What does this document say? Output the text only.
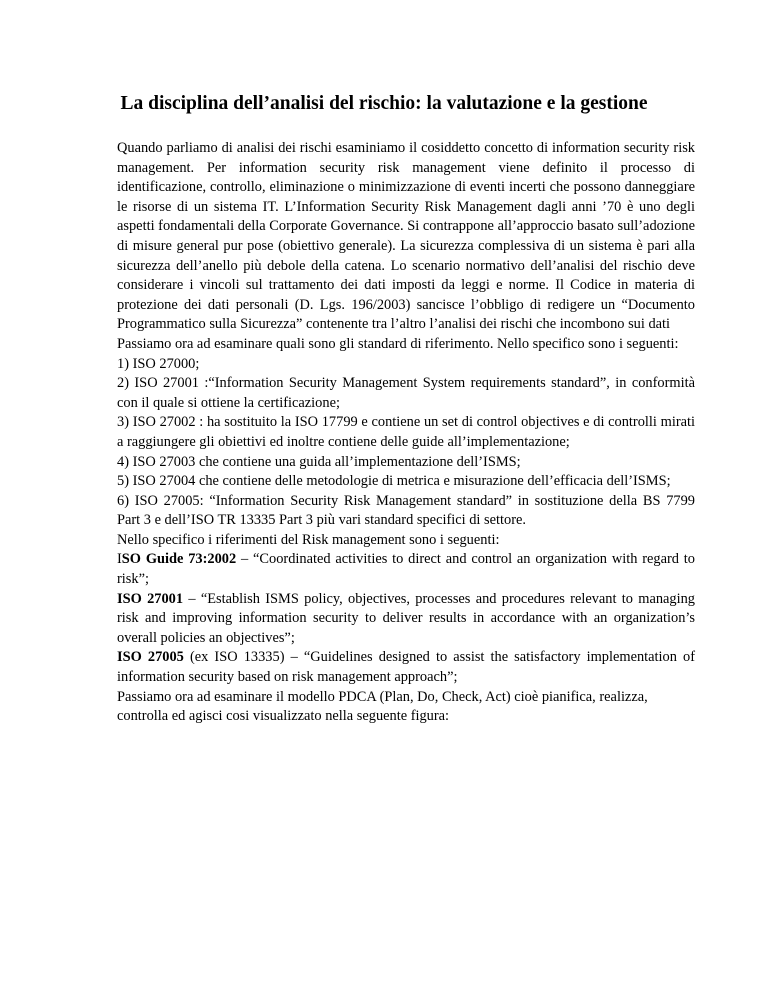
La disciplina dell’analisi del rischio: la valutazione e la gestione

Quando parliamo di analisi dei rischi esaminiamo il cosiddetto concetto di information security risk management. Per information security risk management viene definito il processo di identificazione, controllo, eliminazione o minimizzazione di eventi incerti che possono danneggiare le risorse di un sistema IT. L’Information Security Risk Management dagli anni ’70 è uno degli aspetti fondamentali della Corporate Governance. Si contrappone all’approccio basato sull’adozione di misure general pur pose (obiettivo generale). La sicurezza complessiva di un sistema è pari alla sicurezza dell’anello più debole della catena. Lo scenario normativo dell’analisi del rischio deve considerare i vincoli sul trattamento dei dati imposti da leggi e norme. Il Codice in materia di protezione dei dati personali (D. Lgs. 196/2003) sancisce l’obbligo di redigere un “Documento Programmatico sulla Sicurezza” contenente tra l’altro l’analisi dei rischi che incombono sui dati

Passiamo ora ad esaminare quali sono gli standard di riferimento. Nello specifico sono i seguenti:

1) ISO 27000;

2) ISO 27001 :“Information Security Management System requirements standard”, in conformità con il quale si ottiene la certificazione;

3) ISO 27002 : ha sostituito la ISO 17799 e contiene un set di control objectives e di controlli mirati a raggiungere gli obiettivi ed inoltre contiene delle guide all’implementazione;

4) ISO 27003 che contiene una guida all’implementazione dell’ISMS;

5) ISO 27004 che contiene delle metodologie di metrica e misurazione dell’efficacia dell’ISMS;

6) ISO 27005: “Information Security Risk Management standard” in sostituzione della BS 7799 Part 3 e dell’ISO TR 13335 Part 3 più vari standard specifici di settore.

Nello specifico i riferimenti del Risk management sono i seguenti:

ISO Guide 73:2002 – “Coordinated activities to direct and control an organization with regard to risk”;

ISO 27001 – “Establish ISMS policy, objectives, processes and procedures relevant to managing risk and improving information security to deliver results in accordance with an organization’s overall policies an objectives”;

ISO 27005 (ex ISO 13335) – “Guidelines designed to assist the satisfactory implementation of information security based on risk management approach”;

Passiamo ora ad esaminare il modello PDCA (Plan, Do, Check, Act) cioè pianifica, realizza, controlla ed agisci cosi visualizzato nella seguente figura:
